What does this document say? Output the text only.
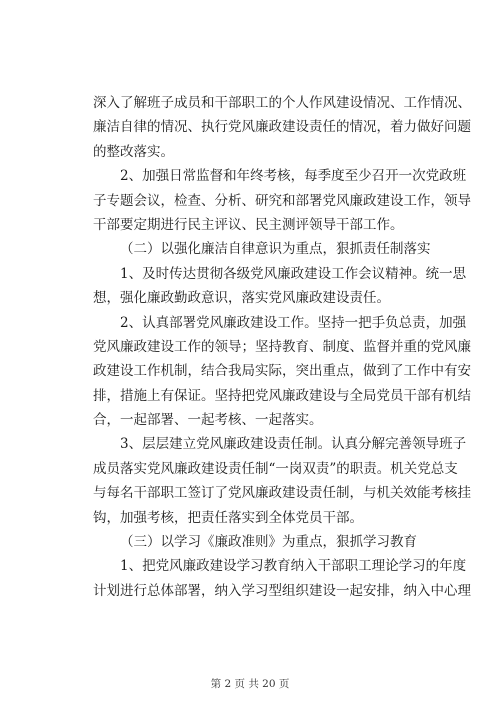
深入了解班子成员和干部职工的个人作风建设情况、工作情况、
廉洁自律的情况、执行党风廉政建设责任的情况，着力做好问题
的整改落实。
2、加强日常监督和年终考核，每季度至少召开一次党政班
子专题会议，检查、分析、研究和部署党风廉政建设工作，领导
干部要定期进行民主评议、民主测评领导干部工作。
（二）以强化廉洁自律意识为重点，狠抓责任制落实
1、及时传达贯彻各级党风廉政建设工作会议精神。统一思
想，强化廉政勤政意识，落实党风廉政建设责任。
2、认真部署党风廉政建设工作。坚持一把手负总责，加强
党风廉政建设工作的领导；坚持教育、制度、监督并重的党风廉
政建设工作机制，结合我局实际，突出重点，做到了工作中有安
排，措施上有保证。坚持把党风廉政建设与全局党员干部有机结
合，一起部署、一起考核、一起落实。
3、层层建立党风廉政建设责任制。认真分解完善领导班子
成员落实党风廉政建设责任制“一岗双责”的职责。机关党总支
与每名干部职工签订了党风廉政建设责任制，与机关效能考核挂
钩，加强考核，把责任落实到全体党员干部。
（三）以学习《廉政准则》为重点，狠抓学习教育
1、把党风廉政建设学习教育纳入干部职工理论学习的年度
计划进行总体部署，纳入学习型组织建设一起安排，纳入中心理
第 2 页 共 20 页
